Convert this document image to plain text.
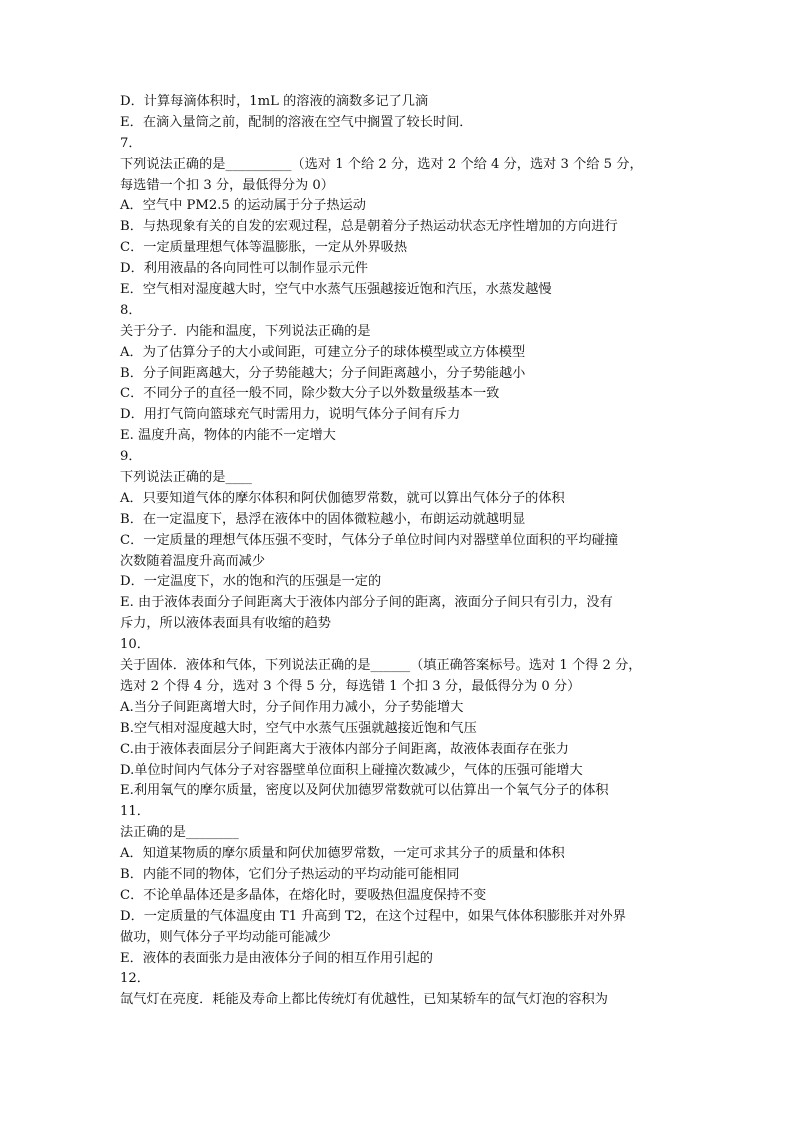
D．计算每滴体积时，1mL 的溶液的滴数多记了几滴
E．在滴入量筒之前，配制的溶液在空气中搁置了较长时间．
7．
下列说法正确的是__________（选对 1 个给 2 分，选对 2 个给 4 分，选对 3 个给 5 分，
每选错一个扣 3 分，最低得分为 0）
A．空气中 PM2.5 的运动属于分子热运动
B．与热现象有关的自发的宏观过程，总是朝着分子热运动状态无序性增加的方向进行
C．一定质量理想气体等温膨胀，一定从外界吸热
D．利用液晶的各向同性可以制作显示元件
E．空气相对湿度越大时，空气中水蒸气压强越接近饱和汽压，水蒸发越慢
8．
关于分子．内能和温度，下列说法正确的是
A．为了估算分子的大小或间距，可建立分子的球体模型或立方体模型
B．分子间距离越大，分子势能越大；分子间距离越小，分子势能越小
C．不同分子的直径一般不同，除少数大分子以外数量级基本一致
D．用打气筒向篮球充气时需用力，说明气体分子间有斥力
E. 温度升高，物体的内能不一定增大
9．
下列说法正确的是____
A．只要知道气体的摩尔体积和阿伏伽德罗常数，就可以算出气体分子的体积
B．在一定温度下，悬浮在液体中的固体微粒越小，布朗运动就越明显
C．一定质量的理想气体压强不变时，气体分子单位时间内对器壁单位面积的平均碰撞
次数随着温度升高而减少
D．一定温度下，水的饱和汽的压强是一定的
E. 由于液体表面分子间距离大于液体内部分子间的距离，液面分子间只有引力，没有
斥力，所以液体表面具有收缩的趋势
10．
关于固体．液体和气体，下列说法正确的是______（填正确答案标号。选对 1 个得 2 分，
选对 2 个得 4 分，选对 3 个得 5 分，每选错 1 个扣 3 分，最低得分为 0 分）
A.当分子间距离增大时，分子间作用力减小，分子势能增大
B.空气相对湿度越大时，空气中水蒸气压强就越接近饱和气压
C.由于液体表面层分子间距离大于液体内部分子间距离，故液体表面存在张力
D.单位时间内气体分子对容器壁单位面积上碰撞次数减少，气体的压强可能增大
E.利用氧气的摩尔质量，密度以及阿伏加德罗常数就可以估算出一个氧气分子的体积
11．
法正确的是________
A．知道某物质的摩尔质量和阿伏加德罗常数，一定可求其分子的质量和体积
B．内能不同的物体，它们分子热运动的平均动能可能相同
C．不论单晶体还是多晶体，在熔化时，要吸热但温度保持不变
D．一定质量的气体温度由 T1 升高到 T2，在这个过程中，如果气体体积膨胀并对外界
做功，则气体分子平均动能可能减少
E．液体的表面张力是由液体分子间的相互作用引起的
12．
氙气灯在亮度．耗能及寿命上都比传统灯有优越性，已知某轿车的氙气灯泡的容积为
